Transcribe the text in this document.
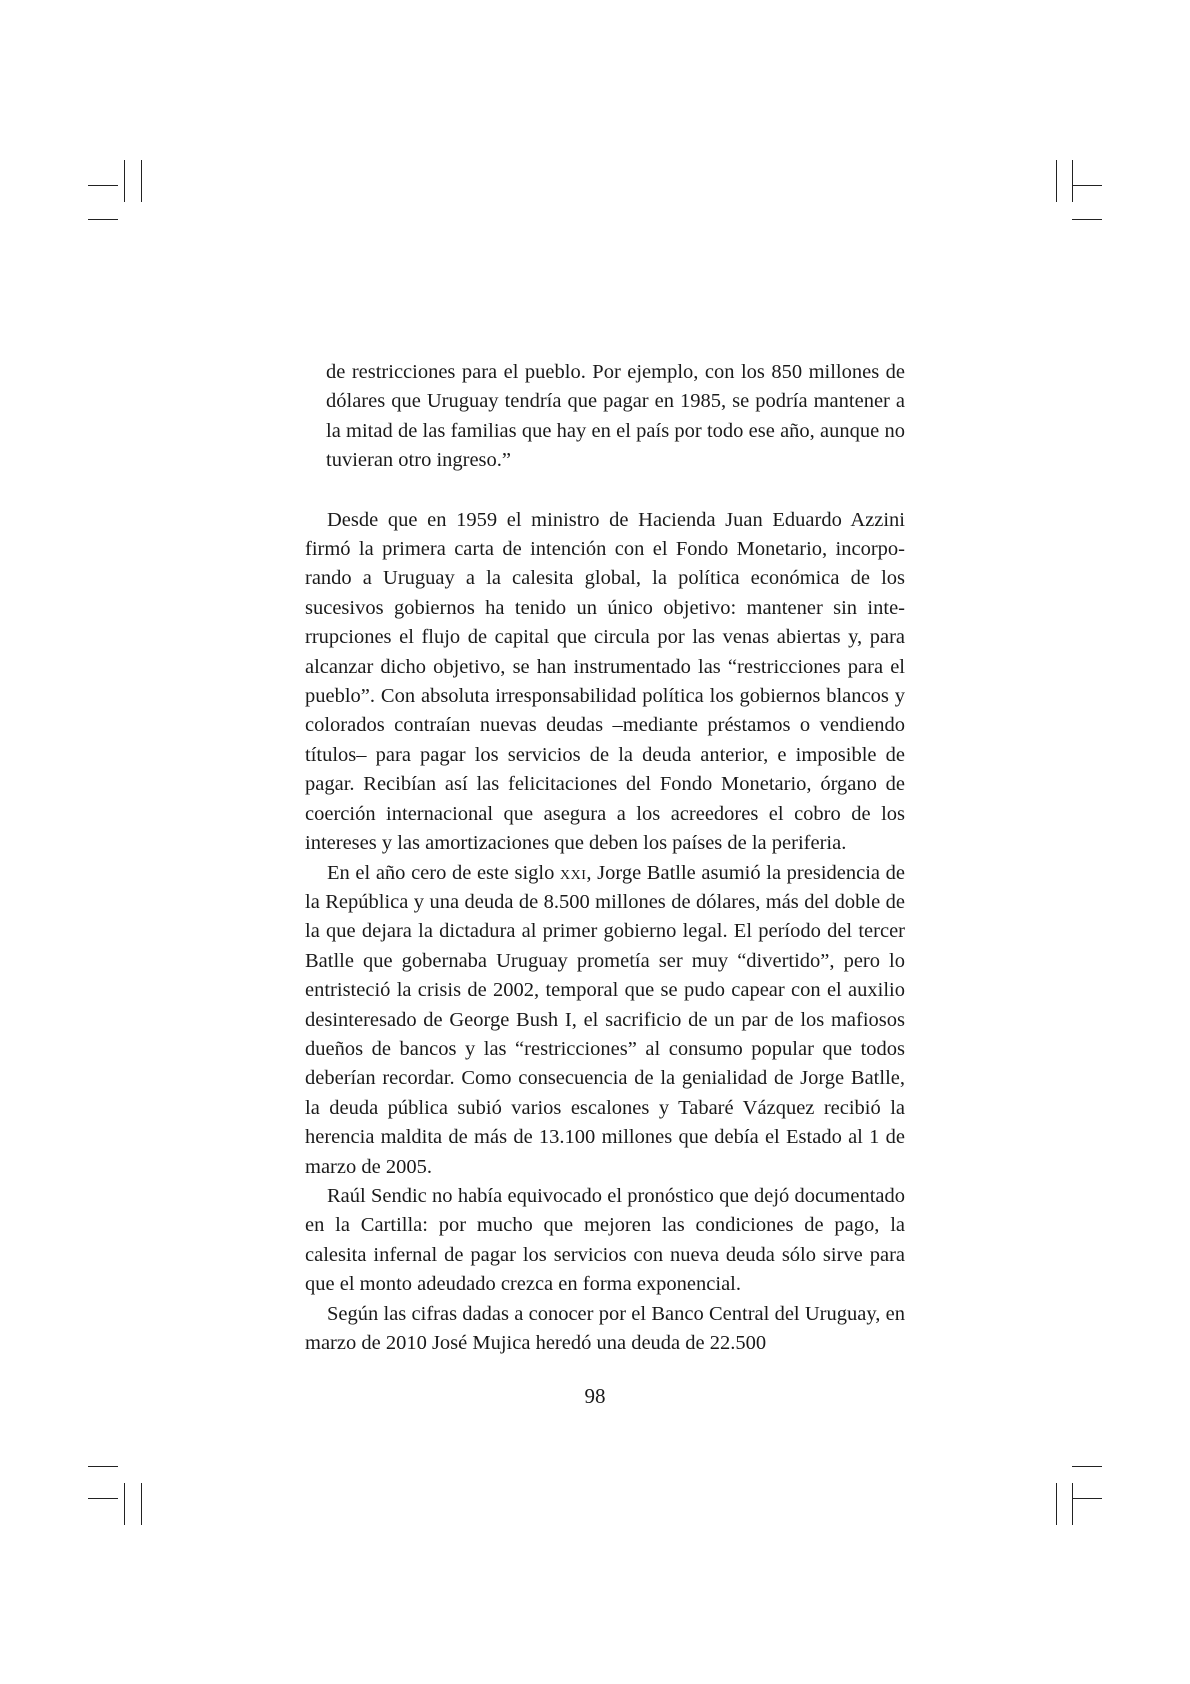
de restricciones para el pueblo. Por ejemplo, con los 850 millones de dólares que Uruguay tendría que pagar en 1985, se podría mantener a la mitad de las familias que hay en el país por todo ese año, aunque no tuvieran otro ingreso.”

Desde que en 1959 el ministro de Hacienda Juan Eduardo Azzini firmó la primera carta de intención con el Fondo Monetario, incorporando a Uruguay a la calesita global, la política económica de los sucesivos gobiernos ha tenido un único objetivo: mantener sin interrupciones el flujo de capital que circula por las venas abiertas y, para alcanzar dicho objetivo, se han instrumentado las “restricciones para el pueblo”. Con absoluta irresponsabilidad política los gobiernos blancos y colorados contraían nuevas deudas –mediante préstamos o vendiendo títulos– para pagar los servicios de la deuda anterior, e imposible de pagar. Recibían así las felicitaciones del Fondo Monetario, órgano de coerción internacional que asegura a los acreedores el cobro de los intereses y las amortizaciones que deben los países de la periferia.

En el año cero de este siglo xxi, Jorge Batlle asumió la presidencia de la República y una deuda de 8.500 millones de dólares, más del doble de la que dejara la dictadura al primer gobierno legal. El período del tercer Batlle que gobernaba Uruguay prometía ser muy “divertido”, pero lo entristeció la crisis de 2002, temporal que se pudo capear con el auxilio desinteresado de George Bush I, el sacrificio de un par de los mafiosos dueños de bancos y las “restricciones” al consumo popular que todos deberían recordar. Como consecuencia de la genialidad de Jorge Batlle, la deuda pública subió varios escalones y Tabaré Vázquez recibió la herencia maldita de más de 13.100 millones que debía el Estado al 1 de marzo de 2005.

Raúl Sendic no había equivocado el pronóstico que dejó documentado en la Cartilla: por mucho que mejoren las condiciones de pago, la calesita infernal de pagar los servicios con nueva deuda sólo sirve para que el monto adeudado crezca en forma exponencial.

Según las cifras dadas a conocer por el Banco Central del Uruguay, en marzo de 2010 José Mujica heredó una deuda de 22.500

98
